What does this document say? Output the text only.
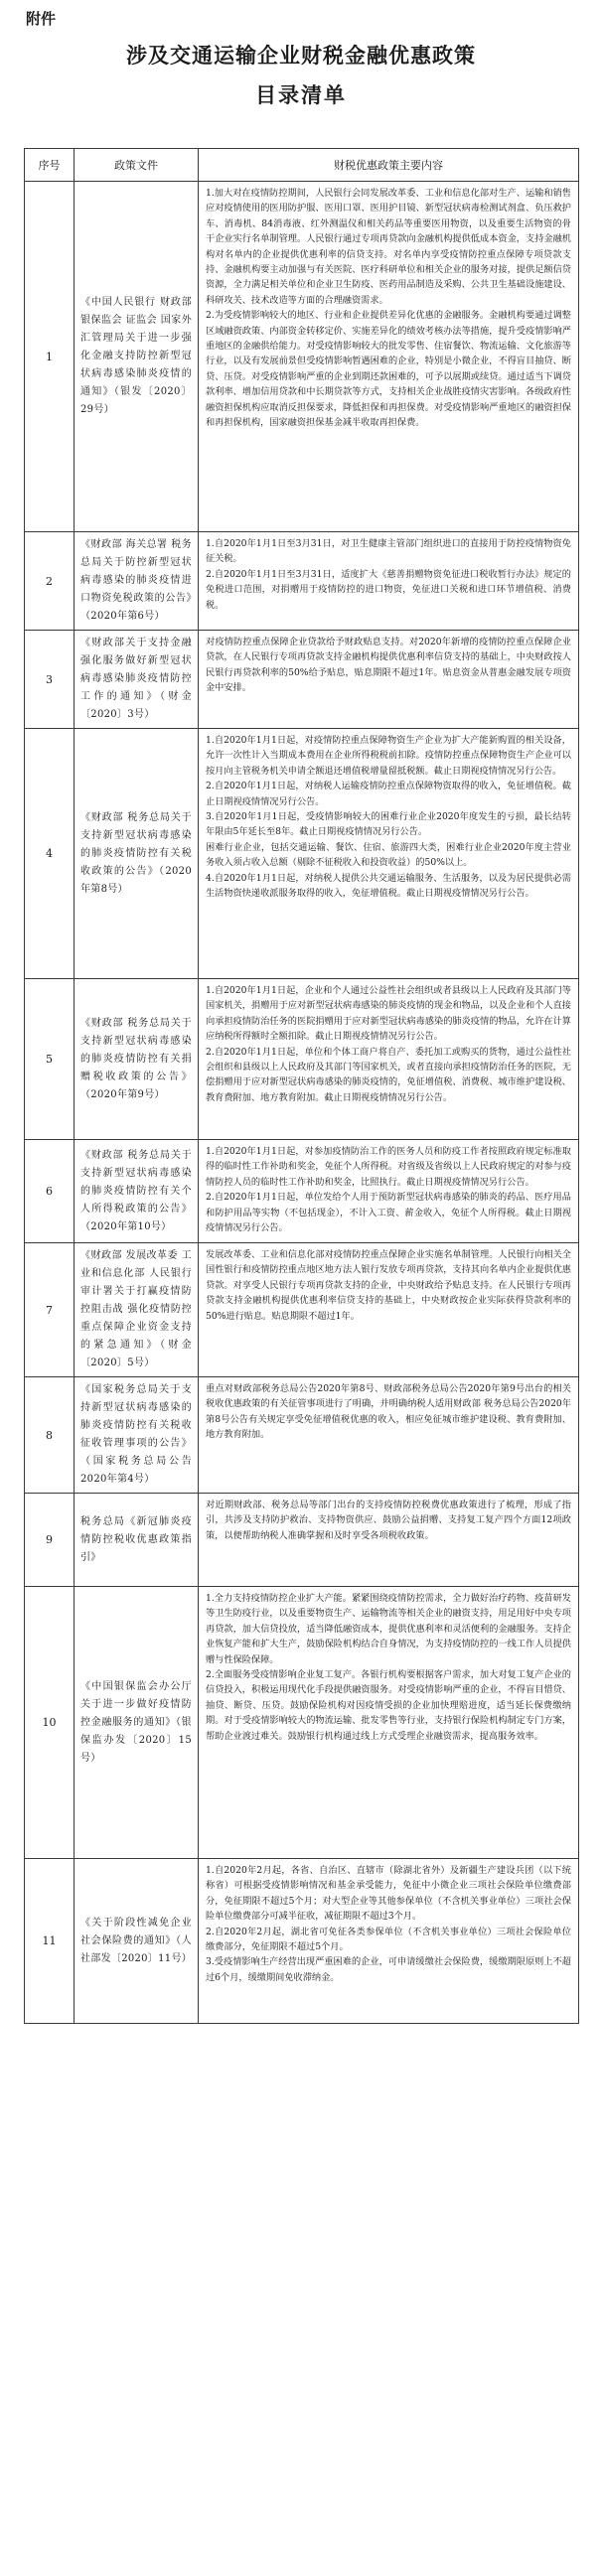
附件
涉及交通运输企业财税金融优惠政策
目录清单
序号	政策文件	财税优惠政策主要内容
1	《中国人民银行 财政部 银保监会 证监会 国家外汇管理局关于进一步强化金融支持防控新型冠状病毒感染肺炎疫情的通知》（银发〔2020〕29号）	1.加大对在疫情防控期间，人民银行会同发展改革委、工业和信息化部对生产、运输和销售应对疫情使用的医用防护服、医用口罩、医用护目镜、新型冠状病毒检测试剂盒、负压救护车、消毒机、84消毒液、红外测温仪和相关药品等重要医用物资，以及重要生活物资的骨干企业实行名单制管理。人民银行通过专项再贷款向金融机构提供低成本资金，支持金融机构对名单内的企业提供优惠利率的信贷支持。对名单内享受疫情防控重点保障专项贷款支持、金融机构要主动加强与有关医院、医疗科研单位和相关企业的服务对接，提供足额信贷资源，全力满足相关单位和企业卫生防疫、医药用品制造及采购、公共卫生基础设施建设、科研攻关、技术改造等方面的合理融资需求。

2.为受疫情影响较大的地区、行业和企业提供差异化优惠的金融服务。金融机构要通过调整区域融资政策、内部资金转移定价、实施差异化的绩效考核办法等措施，提升受疫情影响严重地区的金融供给能力。对受疫情影响较大的批发零售、住宿餐饮、物流运输、文化旅游等行业，以及有发展前景但受疫情影响暂遇困难的企业，特别是小微企业，不得盲目抽贷、断贷、压贷。对受疫情影响严重的企业到期还款困难的，可予以展期或续贷。通过适当下调贷款利率、增加信用贷款和中长期贷款等方式，支持相关企业战胜疫情灾害影响。各级政府性融资担保机构应取消反担保要求，降低担保和再担保费。对受疫情影响严重地区的融资担保和再担保机构，国家融资担保基金减半收取再担保费。

2	《财政部 海关总署 税务总局关于防控新型冠状病毒感染的肺炎疫情进口物资免税政策的公告》（2020年第6号）	1.自2020年1月1日至3月31日，对卫生健康主管部门组织进口的直接用于防控疫情物资免征关税。

2.自2020年1月1日至3月31日，适度扩大《慈善捐赠物资免征进口税收暂行办法》规定的免税进口范围，对捐赠用于疫情防控的进口物资，免征进口关税和进口环节增值税、消费税。

3	《财政部关于支持金融强化服务做好新型冠状病毒感染肺炎疫情防控工作的通知》（财金〔2020〕3号）	对疫情防控重点保障企业贷款给予财政贴息支持。对2020年新增的疫情防控重点保障企业贷款，在人民银行专项再贷款支持金融机构提供优惠利率信贷支持的基础上，中央财政按人民银行再贷款利率的50%给予贴息，贴息期限不超过1年。贴息资金从普惠金融发展专项资金中安排。

4	《财政部 税务总局关于支持新型冠状病毒感染的肺炎疫情防控有关税收政策的公告》（2020年第8号）	1.自2020年1月1日起，对疫情防控重点保障物资生产企业为扩大产能新购置的相关设备，允许一次性计入当期成本费用在企业所得税税前扣除。疫情防控重点保障物资生产企业可以按月向主管税务机关申请全额退还增值税增量留抵税额。截止日期视疫情情况另行公告。

2.自2020年1月1日起，对纳税人运输疫情防控重点保障物资取得的收入，免征增值税。截止日期视疫情情况另行公告。

3.自2020年1月1日起，受疫情影响较大的困难行业企业2020年度发生的亏损，最长结转年限由5年延长至8年。截止日期视疫情情况另行公告。

困难行业企业，包括交通运输、餐饮、住宿、旅游四大类，困难行业企业2020年度主营业务收入须占收入总额（剔除不征税收入和投资收益）的50%以上。

4.自2020年1月1日起，对纳税人提供公共交通运输服务、生活服务，以及为居民提供必需生活物资快递收派服务取得的收入，免征增值税。截止日期视疫情情况另行公告。

5	《财政部 税务总局关于支持新型冠状病毒感染的肺炎疫情防控有关捐赠税收政策的公告》（2020年第9号）	1.自2020年1月1日起，企业和个人通过公益性社会组织或者县级以上人民政府及其部门等国家机关，捐赠用于应对新型冠状病毒感染的肺炎疫情的现金和物品，以及企业和个人直接向承担疫情防治任务的医院捐赠用于应对新型冠状病毒感染的肺炎疫情的物品，允许在计算应纳税所得额时全额扣除。截止日期视疫情情况另行公告。

2.自2020年1月1日起，单位和个体工商户将自产、委托加工或购买的货物，通过公益性社会组织和县级以上人民政府及其部门等国家机关，或者直接向承担疫情防治任务的医院，无偿捐赠用于应对新型冠状病毒感染的肺炎疫情的，免征增值税、消费税、城市维护建设税、教育费附加、地方教育附加。截止日期视疫情情况另行公告。

6	《财政部 税务总局关于支持新型冠状病毒感染的肺炎疫情防控有关个人所得税政策的公告》（2020年第10号）	1.自2020年1月1日起，对参加疫情防治工作的医务人员和防疫工作者按照政府规定标准取得的临时性工作补助和奖金，免征个人所得税。对省级及省级以上人民政府规定的对参与疫情防控人员的临时性工作补助和奖金，比照执行。截止日期视疫情情况另行公告。

2.自2020年1月1日起，单位发给个人用于预防新型冠状病毒感染的肺炎的药品、医疗用品和防护用品等实物（不包括现金），不计入工资、薪金收入，免征个人所得税。截止日期视疫情情况另行公告。

7	《财政部 发展改革委 工业和信息化部 人民银行 审计署关于打赢疫情防控阻击战 强化疫情防控重点保障企业资金支持的紧急通知》（财金〔2020〕5号）	发展改革委、工业和信息化部对疫情防控重点保障企业实施名单制管理。人民银行向相关全国性银行和疫情防控重点地区地方法人银行发放专项再贷款，支持其向名单内企业提供优惠贷款。对享受人民银行专项再贷款支持的企业，中央财政给予贴息支持。在人民银行专项再贷款支持金融机构提供优惠利率信贷支持的基础上，中央财政按企业实际获得贷款利率的50%进行贴息。贴息期限不超过1年。

8	《国家税务总局关于支持新型冠状病毒感染的肺炎疫情防控有关税收征收管理事项的公告》（国家税务总局公告2020年第4号）	重点对财政部税务总局公告2020年第8号、财政部税务总局公告2020年第9号出台的相关税收优惠政策的有关征管事项进行了明确，并明确纳税人适用财政部 税务总局公告2020年第8号公告有关规定享受免征增值税优惠的收入，相应免征城市维护建设税、教育费附加、地方教育附加。

9	税务总局《新冠肺炎疫情防控税收优惠政策指引》	对近期财政部、税务总局等部门出台的支持疫情防控税费优惠政策进行了梳理，形成了指引，共涉及支持防护救治、支持物资供应、鼓励公益捐赠、支持复工复产四个方面12项政策，以便帮助纳税人准确掌握和及时享受各项税收政策。

10	《中国银保监会办公厅关于进一步做好疫情防控金融服务的通知》（银保监办发〔2020〕15号）	1.全力支持疫情防控企业扩大产能。紧紧围绕疫情防控需求，全力做好治疗药物、疫苗研发等卫生防疫行业，以及重要物资生产、运输物流等相关企业的融资支持，用足用好中央专项再贷款，加大信贷投放，适当降低融资成本，提供优惠利率和灵活便利的金融服务。支持企业恢复产能和扩大生产，鼓励保险机构结合自身情况，为支持疫情防控的一线工作人员提供赠与性保险保障。

2.全面服务受疫情影响企业复工复产。各银行机构要根据客户需求，加大对复工复产企业的信贷投入，积极运用现代化手段提供融资服务。对受疫情影响严重的企业，不得盲目惜贷、抽贷、断贷、压贷。鼓励保险机构对因疫情受损的企业加快理赔进度，适当延长保费缴纳期。对于受疫情影响较大的物流运输、批发零售等行业，支持银行保险机构制定专门方案，帮助企业渡过难关。鼓励银行机构通过线上方式受理企业融资需求，提高服务效率。

11	《关于阶段性减免企业社会保险费的通知》（人社部发〔2020〕11号）	1.自2020年2月起，各省、自治区、直辖市（除湖北省外）及新疆生产建设兵团（以下统称省）可根据受疫情影响情况和基金承受能力，免征中小微企业三项社会保险单位缴费部分，免征期限不超过5个月；对大型企业等其他参保单位（不含机关事业单位）三项社会保险单位缴费部分可减半征收，减征期限不超过3个月。

2.自2020年2月起，湖北省可免征各类参保单位（不含机关事业单位）三项社会保险单位缴费部分，免征期限不超过5个月。

3.受疫情影响生产经营出现严重困难的企业，可申请缓缴社会保险费，缓缴期限原则上不超过6个月，缓缴期间免收滞纳金。
